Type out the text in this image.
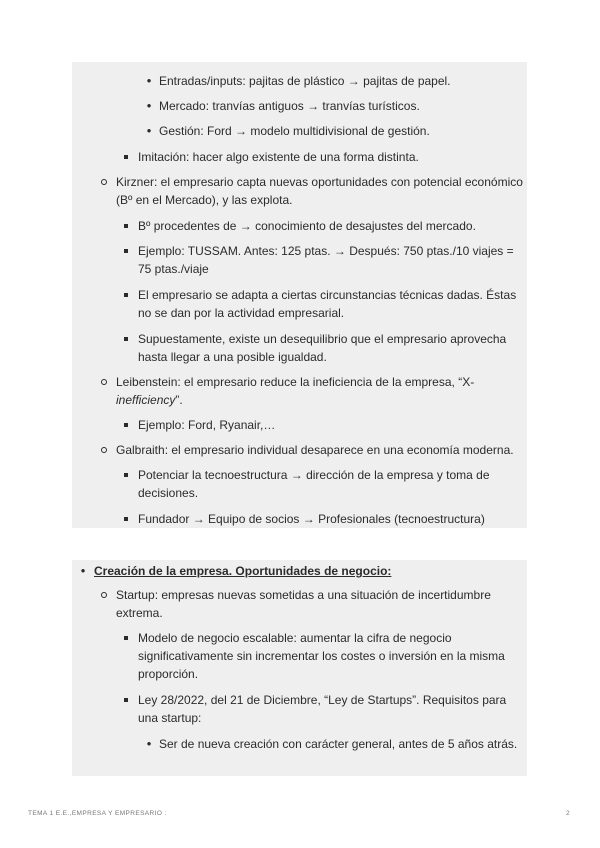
•
Entradas/inputs: pajitas de plástico → pajitas de papel.
•
Mercado: tranvías antiguos → tranvías turísticos.
•
Gestión: Ford → modelo multidivisional de gestión.
Imitación: hacer algo existente de una forma distinta.
Kirzner: el empresario capta nuevas oportunidades con potencial económico
(Bº en el Mercado), y las explota.
Bº procedentes de → conocimiento de desajustes del mercado.
Ejemplo: TUSSAM. Antes: 125 ptas. → Después: 750 ptas./10 viajes =
75 ptas./viaje
El empresario se adapta a ciertas circunstancias técnicas dadas. Éstas
no se dan por la actividad empresarial.
Supuestamente, existe un desequilibrio que el empresario aprovecha
hasta llegar a una posible igualdad.
Leibenstein: el empresario reduce la ineficiencia de la empresa, “X-
inefficiency”.
Ejemplo: Ford, Ryanair,…
Galbraith: el empresario individual desaparece en una economía moderna.
Potenciar la tecnoestructura → dirección de la empresa y toma de
decisiones.
Fundador → Equipo de socios → Profesionales (tecnoestructura)
•
Creación de la empresa. Oportunidades de negocio:
Startup: empresas nuevas sometidas a una situación de incertidumbre
extrema.
Modelo de negocio escalable: aumentar la cifra de negocio
significativamente sin incrementar los costes o inversión en la misma
proporción.
Ley 28/2022, del 21 de Diciembre, “Ley de Startups”. Requisitos para
una startup:
•
Ser de nueva creación con carácter general, antes de 5 años atrás.
TEMA 1 E.E.,EMPRESA Y EMPRESARIO :	2
